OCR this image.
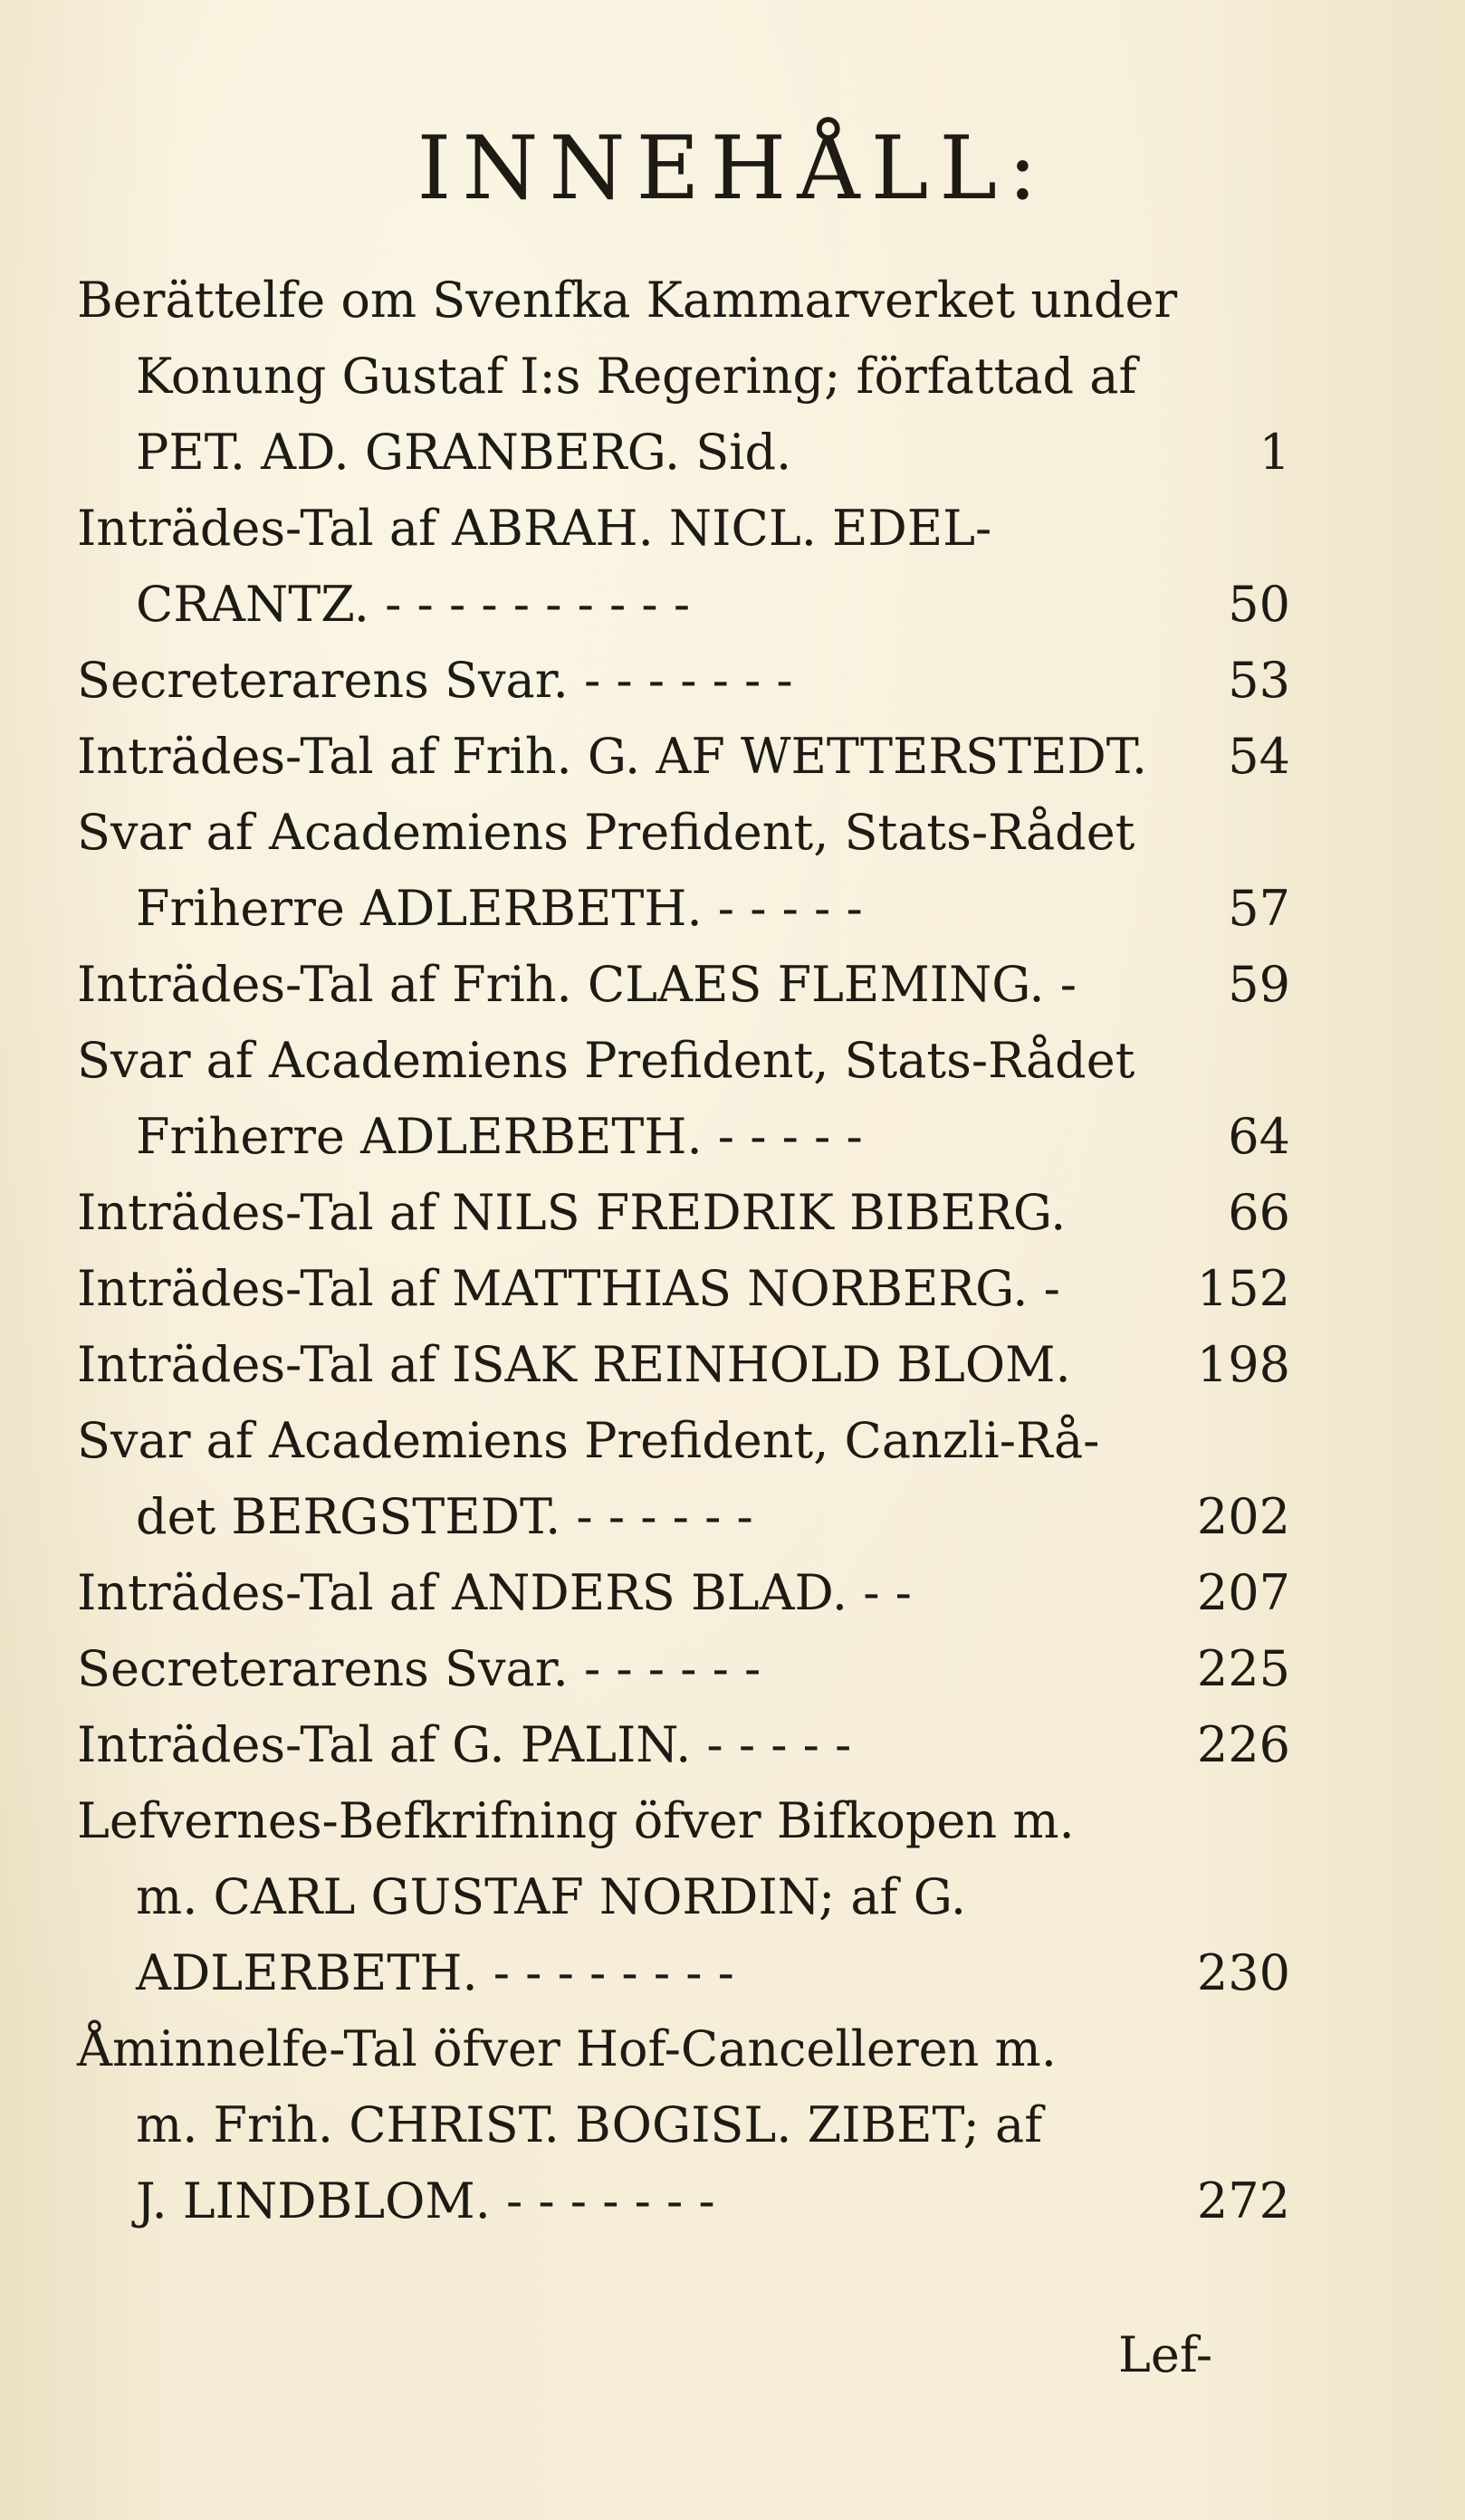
INNEHÅLL:
Berättelfe om Svenfka Kammarverket under
Konung Gustaf I:s Regering; författad af
PET. AD. GRANBERG. Sid.	1
Inträdes-Tal af ABRAH. NICL. EDEL-
CRANTZ. - - - - - - - - - -	50
Secreterarens Svar. - - - - - - -	53
Inträdes-Tal af Frih. G. AF WETTERSTEDT.	54
Svar af Academiens Prefident, Stats-Rådet
Friherre ADLERBETH. - - - - -	57
Inträdes-Tal af Frih. CLAES FLEMING. -	59
Svar af Academiens Prefident, Stats-Rådet
Friherre ADLERBETH. - - - - -	64
Inträdes-Tal af NILS FREDRIK BIBERG.	66
Inträdes-Tal af MATTHIAS NORBERG. -	152
Inträdes-Tal af ISAK REINHOLD BLOM.	198
Svar af Academiens Prefident, Canzli-Rå-
det BERGSTEDT. - - - - - -	202
Inträdes-Tal af ANDERS BLAD. - -	207
Secreterarens Svar. - - - - - -	225
Inträdes-Tal af G. PALIN. - - - - -	226
Lefvernes-Befkrifning öfver Bifkopen m.
m. CARL GUSTAF NORDIN; af G.
ADLERBETH. - - - - - - - -	230
Åminnelfe-Tal öfver Hof-Cancelleren m.
m. Frih. CHRIST. BOGISL. ZIBET; af
J. LINDBLOM. - - - - - - -	272
Lef-
